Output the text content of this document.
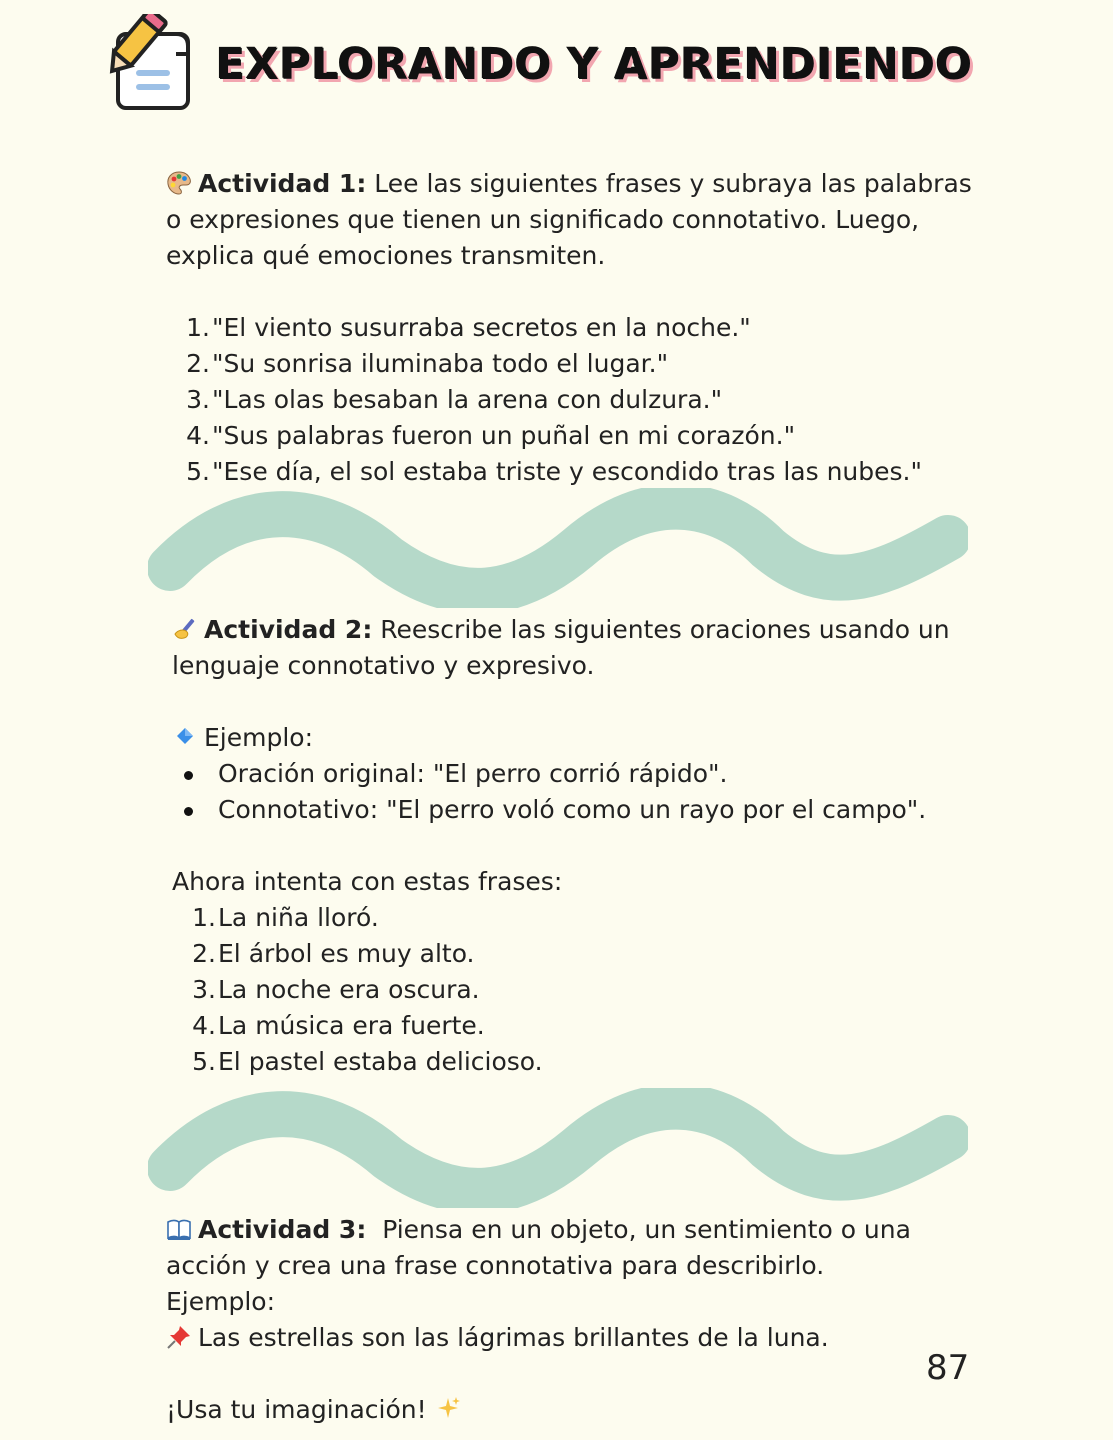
EXPLORANDO Y APRENDIENDO

Actividad 1: Lee las siguientes frases y subraya las palabras

o expresiones que tienen un significado connotativo. Luego,

explica qué emociones transmiten.

1."El viento susurraba secretos en la noche."
2."Su sonrisa iluminaba todo el lugar."
3."Las olas besaban la arena con dulzura."
4."Sus palabras fueron un puñal en mi corazón."
5."Ese día, el sol estaba triste y escondido tras las nubes."

Actividad 2: Reescribe las siguientes oraciones usando un

lenguaje connotativo y expresivo.

Ejemplo:

Oración original: "El perro corrió rápido".
Connotativo: "El perro voló como un rayo por el campo".

Ahora intenta con estas frases:

1.La niña lloró.
2.El árbol es muy alto.
3.La noche era oscura.
4.La música era fuerte.
5.El pastel estaba delicioso.

Actividad 3:  Piensa en un objeto, un sentimiento o una

acción y crea una frase connotativa para describirlo.

Ejemplo:

Las estrellas son las lágrimas brillantes de la luna.

¡Usa tu imaginación!

87
